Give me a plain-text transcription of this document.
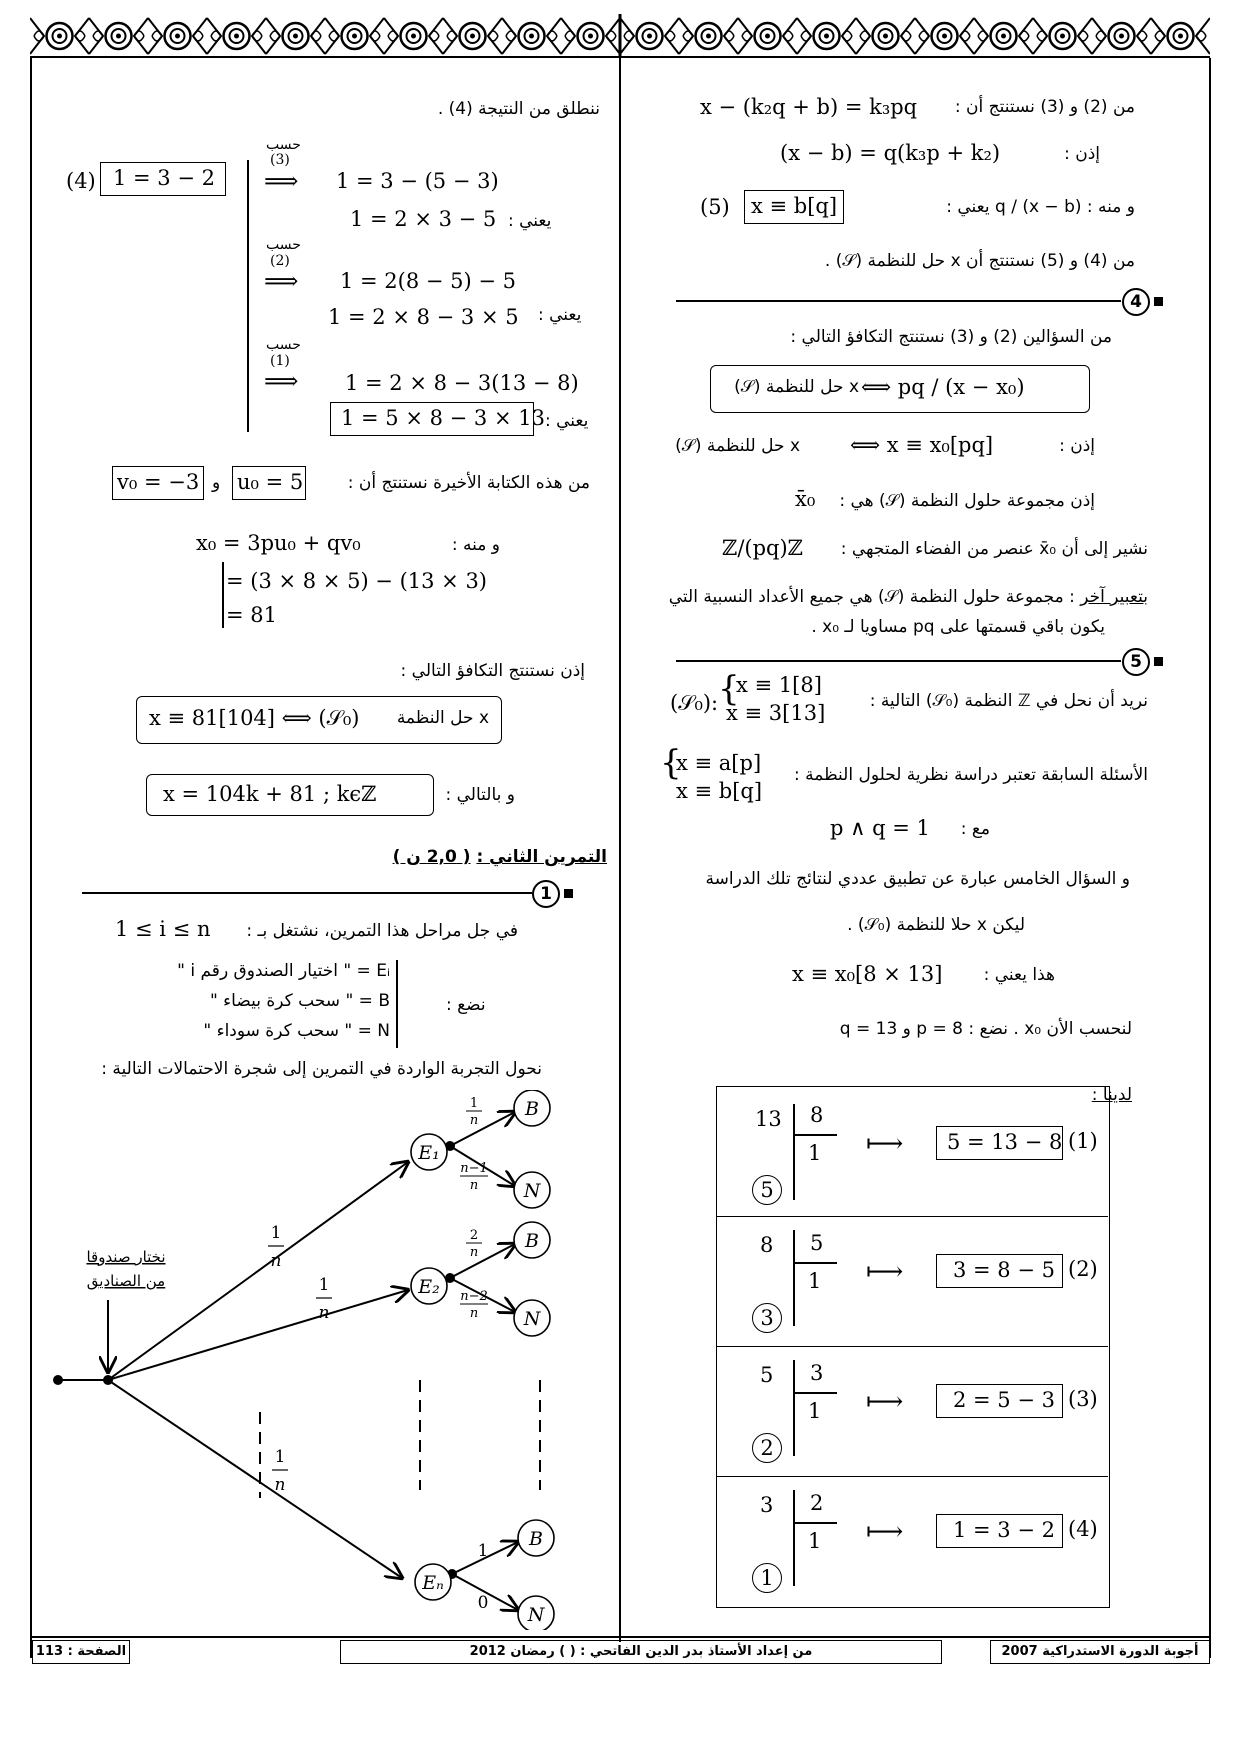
من (2) و (3) نستنتج أن :
x − (k₂q + b) = k₃pq
إذن :
(x − b) = q(k₃p + k₂)
و منه : q / (x − b) يعني :
x ≡ b[q]
(5)
من (4) و (5) نستنتج أن x حل للنظمة (𝒮) .
4
من السؤالين (2) و (3) نستنتج التكافؤ التالي :
x حل للنظمة (𝒮) ⟺ pq / (x − x₀)
إذن :
⟺ x ≡ x₀[pq]
x حل للنظمة (𝒮)
إذن مجموعة حلول النظمة (𝒮) هي :
x̄₀
نشير إلى أن x̄₀ عنصر من الفضاء المتجهي :
ℤ/(pq)ℤ
بتعبير آخر : مجموعة حلول النظمة (𝒮) هي جميع الأعداد النسبية التي
يكون باقي قسمتها على pq مساويا لـ x₀ .
5
نريد أن نحل في ℤ النظمة (𝒮₀) التالية :
(𝒮₀): {
x ≡ 1[8]
x ≡ 3[13]
الأسئلة السابقة تعتبر دراسة نظرية لحلول النظمة :
{
x ≡ a[p]
x ≡ b[q]
مع :
p ∧ q = 1
و السؤال الخامس عبارة عن تطبيق عددي لنتائج تلك الدراسة
ليكن x حلا للنظمة (𝒮₀) .
هذا يعني :
x ≡ x₀[8 × 13]
لنحسب الأن x₀ . نضع : p = 8 و q = 13
لدينا :
13 8
1
5
⟼ 5 = 13 − 8 (1)
8 5
1
3
⟼ 3 = 8 − 5 (2)
5 3
1
2
⟼ 2 = 5 − 3 (3)
3 2
1
1
⟼ 1 = 3 − 2 (4)
ننطلق من النتيجة (4) .
(4) 1 = 3 − 2
حسب
(3)
⟹ 1 = 3 − (5 − 3)
يعني :
1 = 2 × 3 − 5
حسب
(2)
⟹ 1 = 2(8 − 5) − 5
يعني :
1 = 2 × 8 − 3 × 5
حسب
(1)
⟹ 1 = 2 × 8 − 3(13 − 8)
يعني :
1 = 5 × 8 − 3 × 13
من هذه الكتابة الأخيرة نستنتج أن :
u₀ = 5
و
v₀ = −3
و منه :
x₀ = 3pu₀ + qv₀
= (3 × 8 × 5) − (13 × 3)
= 81
إذن نستنتج التكافؤ التالي :
x ≡ 81[104] ⟺ (𝒮₀) x حل النظمة
و بالتالي :
x = 104k + 81 ; kϵℤ
التمرين الثاني : ( 2,0 ن )
1
في جل مراحل هذا التمرين، نشتغل بـ :
1 ≤ i ≤ n
نضع :
Eᵢ = " اختيار الصندوق رقم i "
B = " سحب كرة بيضاء "
N = " سحب كرة سوداء "
نحول التجربة الواردة في التمرين إلى شجرة الاحتمالات التالية :
E₁
E₂
Eₙ
B
N
B
N
B
N
1
n
1
n
1
n
1
n
n−1
n
2
n
n−2
n
1
0
نختار صندوقا
من الصناديق
أجوبة الدورة الاستدراكية 2007
من إعداد الأستاذ بدر الدين الفاتحي : ( ) رمضان 2012
الصفحة : 113
